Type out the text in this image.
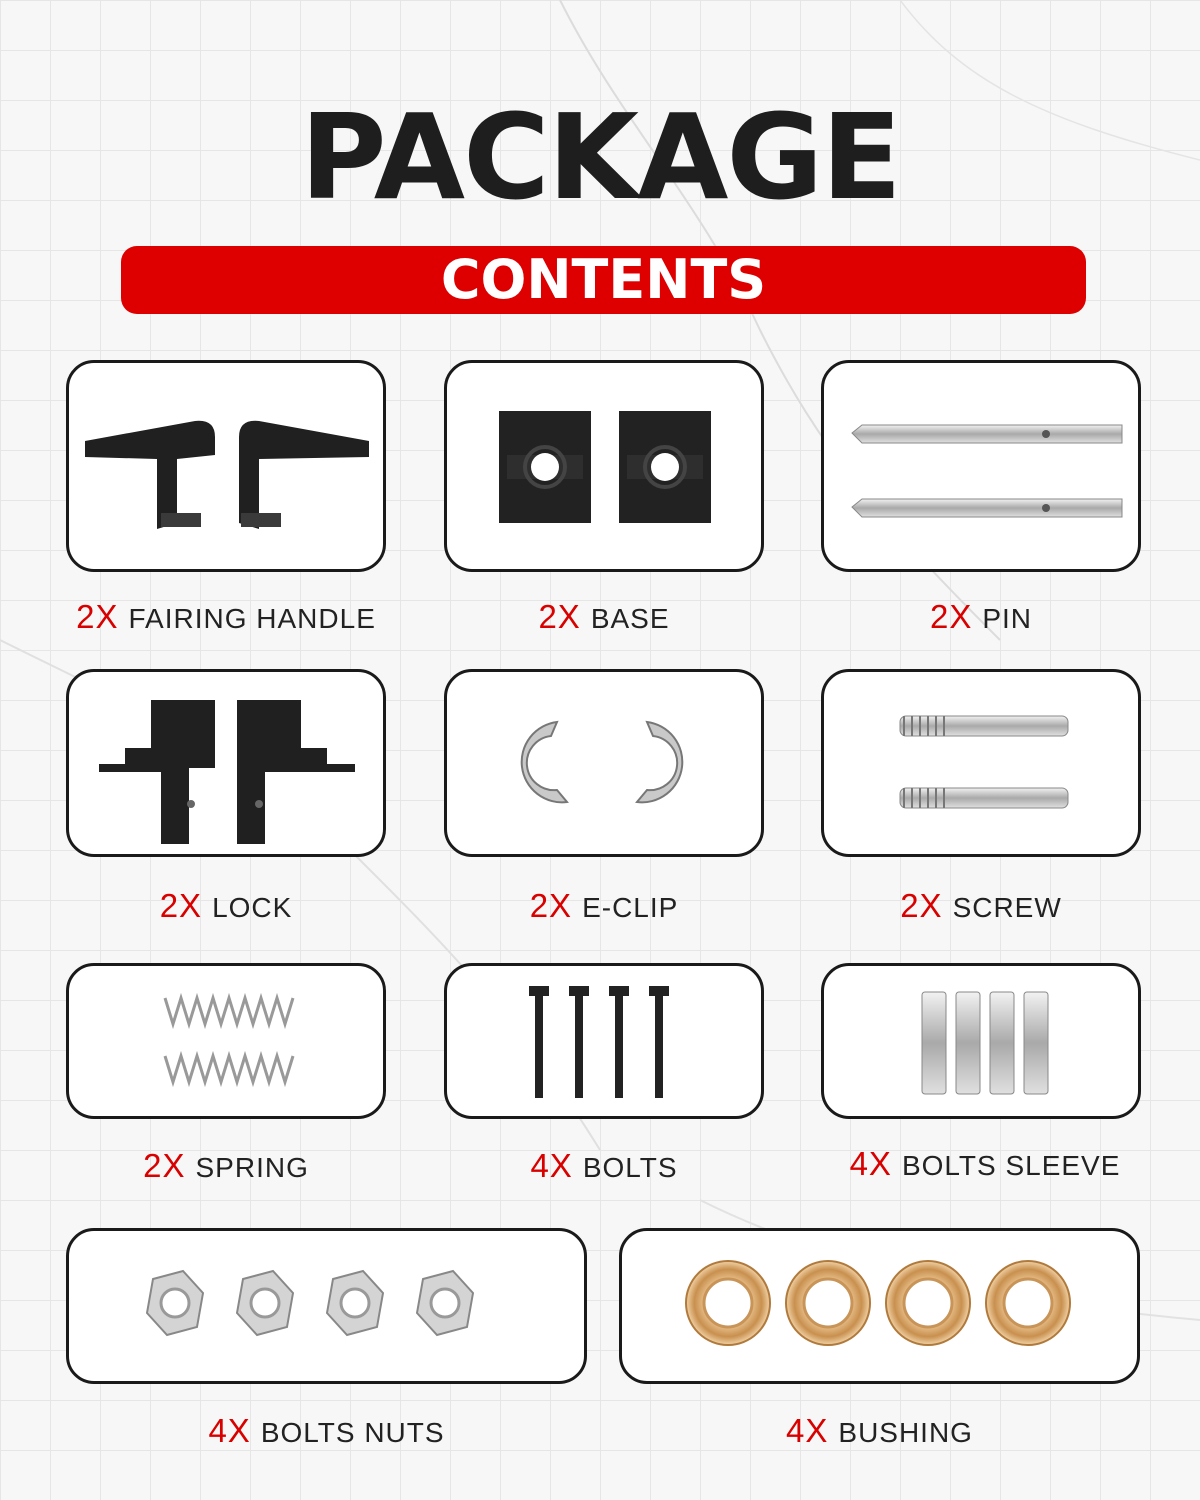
PACKAGE
CONTENTS
2X FAIRING HANDLE	2X BASE	2X PIN
2X LOCK	2X E-CLIP	2X SCREW
2X SPRING	4X BOLTS	4X BOLTS SLEEVE
4X BOLTS NUTS	4X BUSHING
